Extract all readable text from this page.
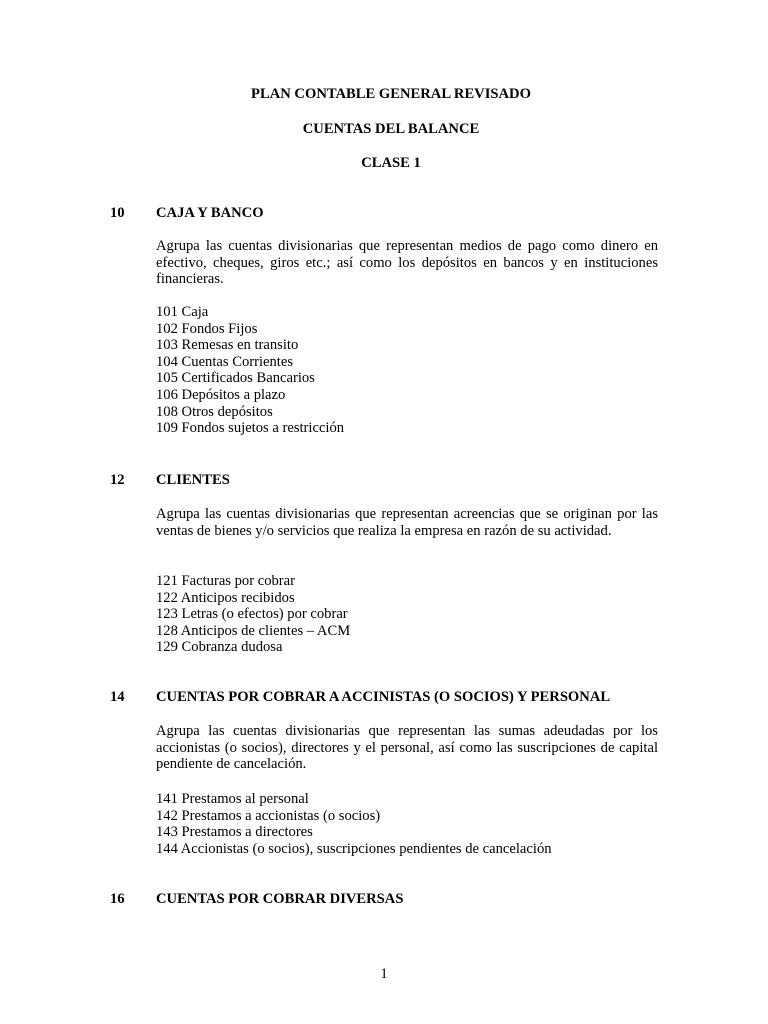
PLAN CONTABLE GENERAL REVISADO
CUENTAS DEL BALANCE
CLASE 1
10 CAJA Y BANCO
Agrupa las cuentas divisionarias que representan medios de pago como dinero en efectivo, cheques, giros etc.; así como los depósitos en bancos y en instituciones financieras.
101 Caja
102 Fondos Fijos
103 Remesas en transito
104 Cuentas Corrientes
105 Certificados Bancarios
106 Depósitos a plazo
108 Otros depósitos
109 Fondos sujetos a restricción
12 CLIENTES
Agrupa las cuentas divisionarias que representan acreencias que se originan por las ventas de bienes y/o servicios que realiza la empresa en razón de su actividad.
121 Facturas por cobrar
122 Anticipos recibidos
123 Letras (o efectos) por cobrar
128 Anticipos de clientes – ACM
129 Cobranza dudosa
14 CUENTAS POR COBRAR A ACCINISTAS (O SOCIOS) Y PERSONAL
Agrupa las cuentas divisionarias que representan las sumas adeudadas por los accionistas (o socios), directores y el personal, así como las suscripciones de capital pendiente de cancelación.
141 Prestamos al personal
142 Prestamos a accionistas (o socios)
143 Prestamos a directores
144 Accionistas (o socios), suscripciones pendientes de cancelación
16 CUENTAS POR COBRAR DIVERSAS
1
